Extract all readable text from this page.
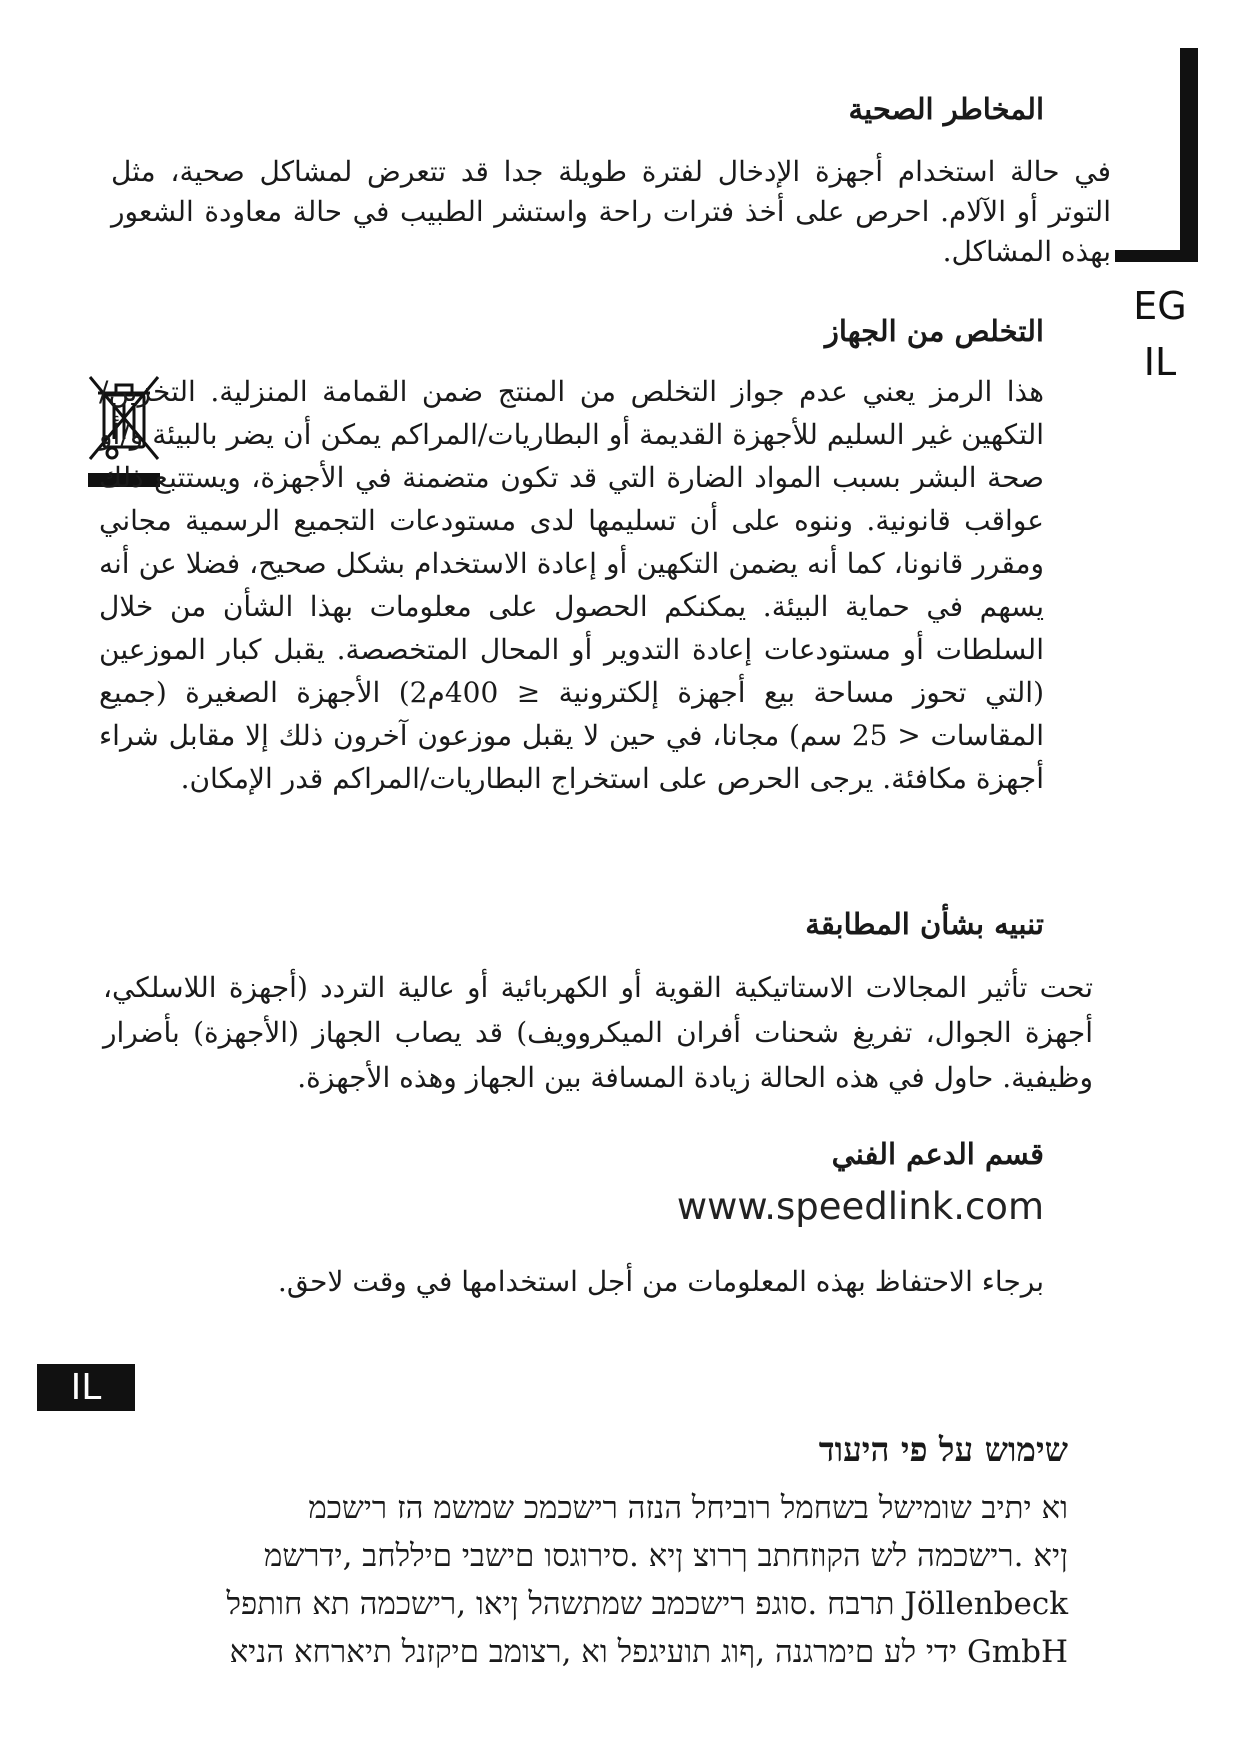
EG
IL
المخاطر الصحية
في حالة استخدام أجهزة الإدخال لفترة طويلة جدا قد تتعرض لمشاكل صحية، مثل التوتر أو الآلام. احرص على أخذ فترات راحة واستشر الطبيب في حالة معاودة الشعور بهذه المشاكل.
التخلص من الجهاز
هذا الرمز يعني عدم جواز التخلص من المنتج ضمن القمامة المنزلية. التخزين/التكهين غير السليم للأجهزة القديمة أو البطاريات/المراكم يمكن أن يضر بالبيئة و/أو صحة البشر بسبب المواد الضارة التي قد تكون متضمنة في الأجهزة، ويستتبع ذلك عواقب قانونية. وننوه على أن تسليمها لدى مستودعات التجميع الرسمية مجاني ومقرر قانونا، كما أنه يضمن التكهين أو إعادة الاستخدام بشكل صحيح، فضلا عن أنه يسهم في حماية البيئة. يمكنكم الحصول على معلومات بهذا الشأن من خلال السلطات أو مستودعات إعادة التدوير أو المحال المتخصصة. يقبل كبار الموزعين (التي تحوز مساحة بيع أجهزة إلكترونية ≤ 400م2) الأجهزة الصغيرة (جميع المقاسات < 25 سم) مجانا، في حين لا يقبل موزعون آخرون ذلك إلا مقابل شراء أجهزة مكافئة. يرجى الحرص على استخراج البطاريات/المراكم قدر الإمكان.
تنبيه بشأن المطابقة
تحت تأثير المجالات الاستاتيكية القوية أو الكهربائية أو عالية التردد (أجهزة اللاسلكي، أجهزة الجوال، تفريغ شحنات أفران الميكروويف) قد يصاب الجهاز (الأجهزة) بأضرار وظيفية. حاول في هذه الحالة زيادة المسافة بين الجهاز وهذه الأجهزة.
قسم الدعم الفني
www.speedlink.com
برجاء الاحتفاظ بهذه المعلومات من أجل استخدامها في وقت لاحق.
IL
שימוש על פי היעוד
וא יתיב שומישל בשחמל רוביחל הנזה רישכמכ שמשמ הז רישכמ
ןיא .רישכמה לש הקוזחתב ךרוצ ןיא .סירוגסו םישבי םיללחב ,ידרשמ
Jöllenbeck תרבח .סוגפ רישכמב שמתשהל ןיאו ,רישכמה תא חותפל
GmbH ידי לע םימרגנה ,ףוג תועיגפל וא ,רצומב םיקזנל תיארחא הניא
